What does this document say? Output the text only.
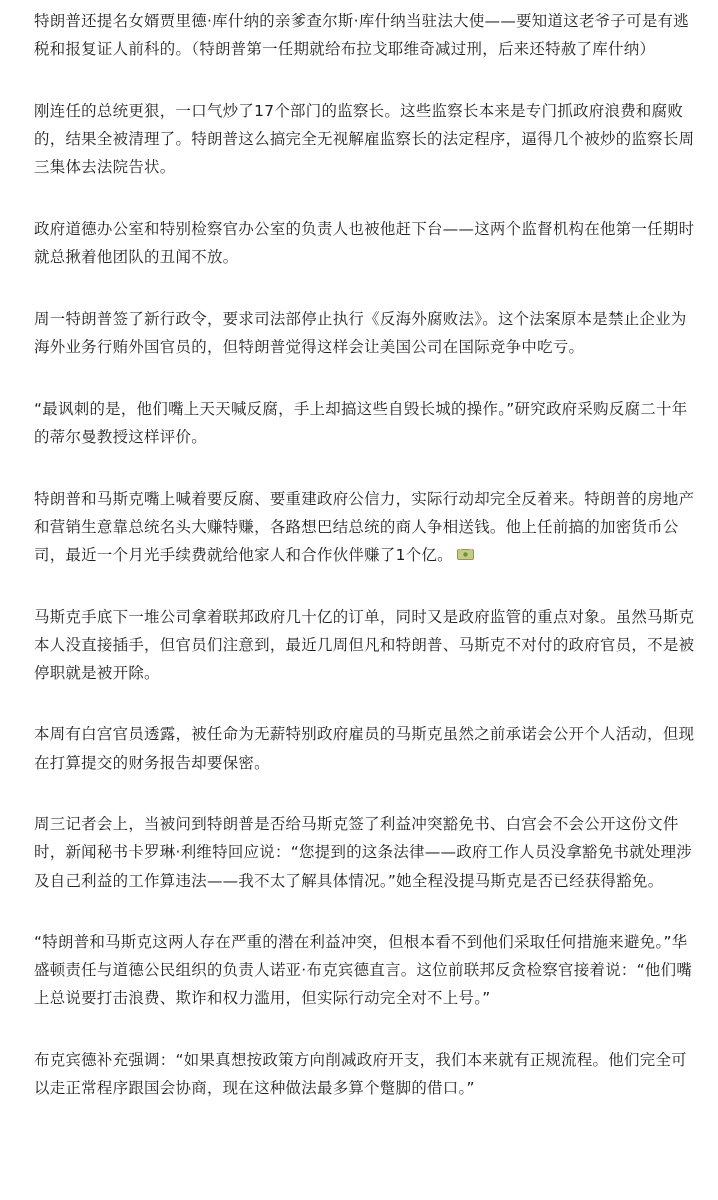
特朗普还提名女婿贾里德·库什纳的亲爹查尔斯·库什纳当驻法大使——要知道这老爷子可是有逃税和报复证人前科的。（特朗普第一任期就给布拉戈耶维奇减过刑，后来还特赦了库什纳）

刚连任的总统更狠，一口气炒了17个部门的监察长。这些监察长本来是专门抓政府浪费和腐败的，结果全被清理了。特朗普这么搞完全无视解雇监察长的法定程序，逼得几个被炒的监察长周三集体去法院告状。

政府道德办公室和特别检察官办公室的负责人也被他赶下台——这两个监督机构在他第一任期时就总揪着他团队的丑闻不放。

周一特朗普签了新行政令，要求司法部停止执行《反海外腐败法》。这个法案原本是禁止企业为海外业务行贿外国官员的，但特朗普觉得这样会让美国公司在国际竞争中吃亏。

“最讽刺的是，他们嘴上天天喊反腐，手上却搞这些自毁长城的操作。”研究政府采购反腐二十年的蒂尔曼教授这样评价。

特朗普和马斯克嘴上喊着要反腐、要重建政府公信力，实际行动却完全反着来。特朗普的房地产和营销生意靠总统名头大赚特赚，各路想巴结总统的商人争相送钱。他上任前搞的加密货币公司，最近一个月光手续费就给他家人和合作伙伴赚了1个亿。

马斯克手底下一堆公司拿着联邦政府几十亿的订单，同时又是政府监管的重点对象。虽然马斯克本人没直接插手，但官员们注意到，最近几周但凡和特朗普、马斯克不对付的政府官员，不是被停职就是被开除。

本周有白宫官员透露，被任命为无薪特别政府雇员的马斯克虽然之前承诺会公开个人活动，但现在打算提交的财务报告却要保密。

周三记者会上，当被问到特朗普是否给马斯克签了利益冲突豁免书、白宫会不会公开这份文件时，新闻秘书卡罗琳·利维特回应说：“您提到的这条法律——政府工作人员没拿豁免书就处理涉及自己利益的工作算违法——我不太了解具体情况。”她全程没提马斯克是否已经获得豁免。

“特朗普和马斯克这两人存在严重的潜在利益冲突，但根本看不到他们采取任何措施来避免。”华盛顿责任与道德公民组织的负责人诺亚·布克宾德直言。这位前联邦反贪检察官接着说：“他们嘴上总说要打击浪费、欺诈和权力滥用，但实际行动完全对不上号。”

布克宾德补充强调：“如果真想按政策方向削减政府开支，我们本来就有正规流程。他们完全可以走正常程序跟国会协商，现在这种做法最多算个蹩脚的借口。”
